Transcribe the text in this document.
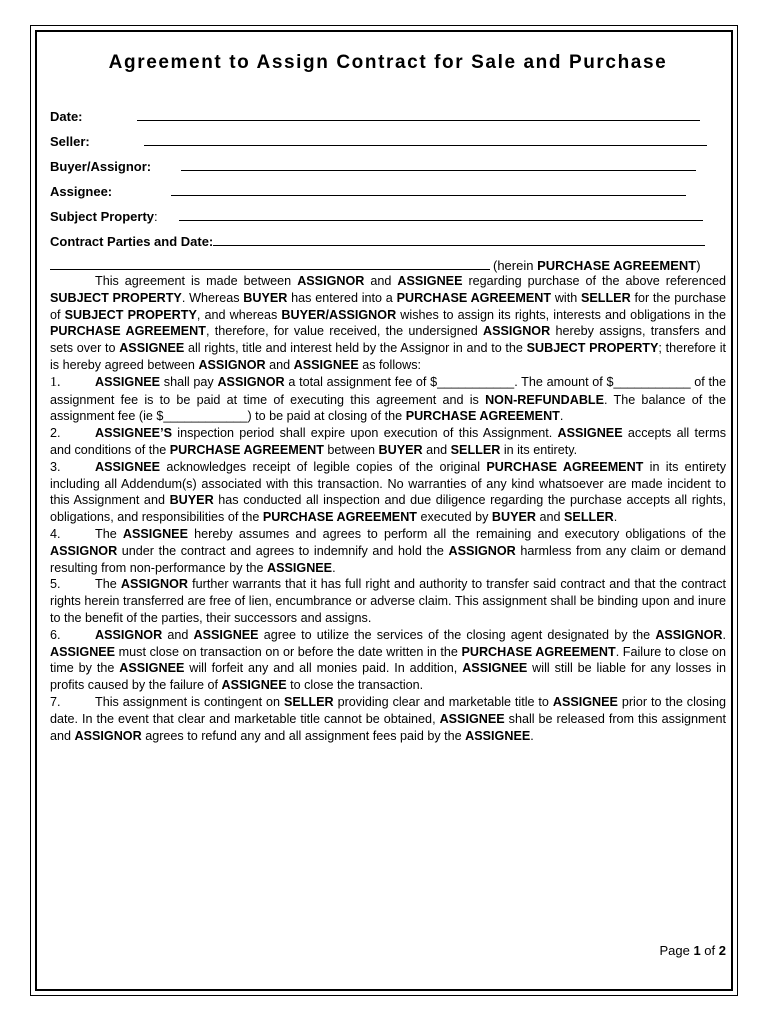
Agreement to Assign Contract for Sale and Purchase
Date:
Seller:
Buyer/Assignor:
Assignee:
Subject Property:
Contract Parties and Date:
(herein PURCHASE AGREEMENT)

This agreement is made between ASSIGNOR and ASSIGNEE regarding purchase of the above referenced SUBJECT PROPERTY. Whereas BUYER has entered into a PURCHASE AGREEMENT with SELLER for the purchase of SUBJECT PROPERTY, and whereas BUYER/ASSIGNOR wishes to assign its rights, interests and obligations in the PURCHASE AGREEMENT, therefore, for value received, the undersigned ASSIGNOR hereby assigns, transfers and sets over to ASSIGNEE all rights, title and interest held by the Assignor in and to the SUBJECT PROPERTY; therefore it is hereby agreed between ASSIGNOR and ASSIGNEE as follows:

1.	ASSIGNEE shall pay ASSIGNOR a total assignment fee of $___________. The amount of $___________ of the assignment fee is to be paid at time of executing this agreement and is NON-REFUNDABLE. The balance of the assignment fee (ie $____________) to be paid at closing of the PURCHASE AGREEMENT.

2.	ASSIGNEE’S inspection period shall expire upon execution of this Assignment. ASSIGNEE accepts all terms and conditions of the PURCHASE AGREEMENT between BUYER and SELLER in its entirety.

3.	ASSIGNEE acknowledges receipt of legible copies of the original PURCHASE AGREEMENT in its entirety including all Addendum(s) associated with this transaction. No warranties of any kind whatsoever are made incident to this Assignment and BUYER has conducted all inspection and due diligence regarding the purchase accepts all rights, obligations, and responsibilities of the PURCHASE AGREEMENT executed by BUYER and SELLER.

4.	The ASSIGNEE hereby assumes and agrees to perform all the remaining and executory obligations of the ASSIGNOR under the contract and agrees to indemnify and hold the ASSIGNOR harmless from any claim or demand resulting from non-performance by the ASSIGNEE.

5.	The ASSIGNOR further warrants that it has full right and authority to transfer said contract and that the contract rights herein transferred are free of lien, encumbrance or adverse claim. This assignment shall be binding upon and inure to the benefit of the parties, their successors and assigns.

6.	ASSIGNOR and ASSIGNEE agree to utilize the services of the closing agent designated by the ASSIGNOR. ASSIGNEE must close on transaction on or before the date written in the PURCHASE AGREEMENT. Failure to close on time by the ASSIGNEE will forfeit any and all monies paid. In addition, ASSIGNEE will still be liable for any losses in profits caused by the failure of ASSIGNEE to close the transaction.

7.	This assignment is contingent on SELLER providing clear and marketable title to ASSIGNEE prior to the closing date. In the event that clear and marketable title cannot be obtained, ASSIGNEE shall be released from this assignment and ASSIGNOR agrees to refund any and all assignment fees paid by the ASSIGNEE.

Page 1 of 2
